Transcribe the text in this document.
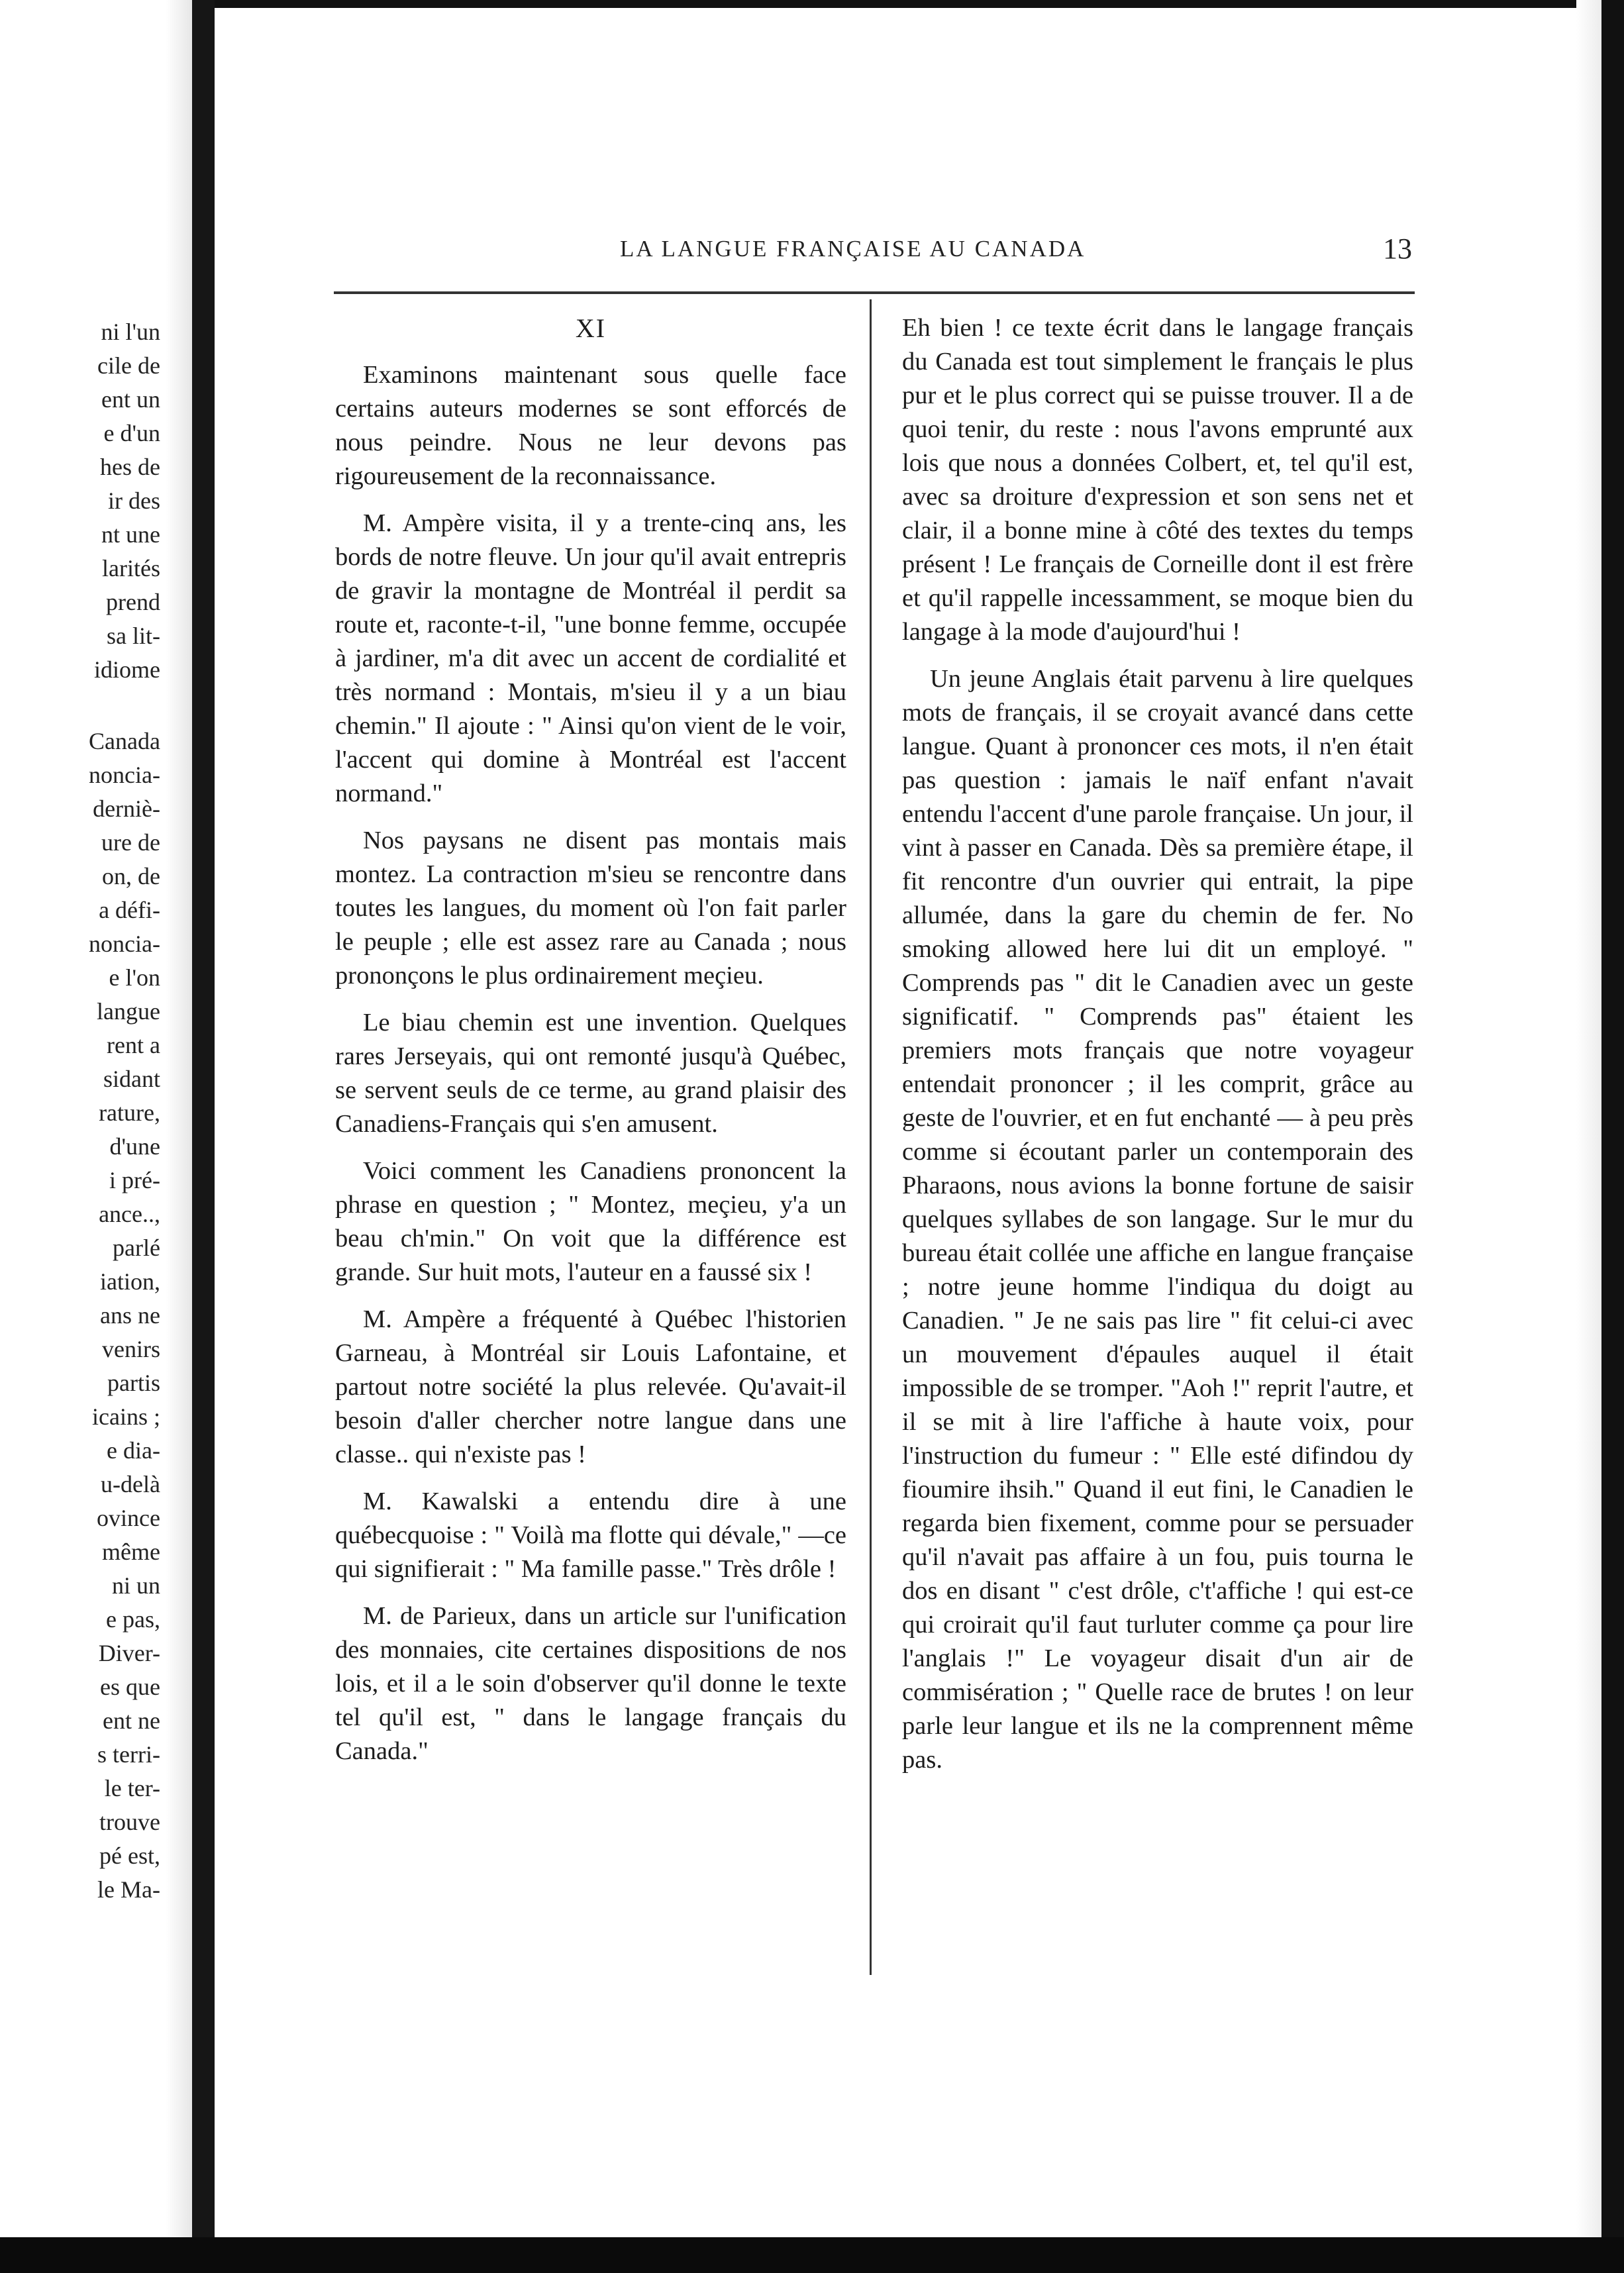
ni l'un
cile de
ent un
e d'un
hes de
ir des
nt une
larités
prend
sa lit-
idiome
Canada
noncia-
derniè-
ure de
on, de
a défi-
noncia-
e l'on
langue
rent a
sidant
rature,
d'une
i pré-
ance..,
parlé
iation,
ans ne
venirs
partis
icains ;
e dia-
u-delà
ovince
même
ni un
e pas,
Diver-
es que
ent ne
s terri-
le ter-
trouve
pé est,
le Ma-
LA LANGUE FRANÇAISE AU CANADA	13
XI

Examinons maintenant sous quelle face certains auteurs modernes se sont efforcés de nous peindre. Nous ne leur devons pas rigoureusement de la reconnaissance.

M. Ampère visita, il y a trente-cinq ans, les bords de notre fleuve. Un jour qu'il avait entrepris de gravir la montagne de Montréal il perdit sa route et, raconte-t-il, "une bonne femme, occupée à jardiner, m'a dit avec un accent de cordialité et très normand : Montais, m'sieu il y a un biau chemin." Il ajoute : " Ainsi qu'on vient de le voir, l'accent qui domine à Montréal est l'accent normand."

Nos paysans ne disent pas montais mais montez. La contraction m'sieu se rencontre dans toutes les langues, du moment où l'on fait parler le peuple ; elle est assez rare au Canada ; nous prononçons le plus ordinairement meçieu.

Le biau chemin est une invention. Quelques rares Jerseyais, qui ont remonté jusqu'à Québec, se servent seuls de ce terme, au grand plaisir des Canadiens-Français qui s'en amusent.

Voici comment les Canadiens prononcent la phrase en question ; " Montez, meçieu, y'a un beau ch'min." On voit que la différence est grande. Sur huit mots, l'auteur en a faussé six !

M. Ampère a fréquenté à Québec l'historien Garneau, à Montréal sir Louis Lafontaine, et partout notre société la plus relevée. Qu'avait-il besoin d'aller chercher notre langue dans une classe.. qui n'existe pas !

M. Kawalski a entendu dire à une québecquoise : " Voilà ma flotte qui dévale," —ce qui signifierait : " Ma famille passe." Très drôle !

M. de Parieux, dans un article sur l'unification des monnaies, cite certaines dispositions de nos lois, et il a le soin d'observer qu'il donne le texte tel qu'il est, " dans le langage français du Canada."

Eh bien ! ce texte écrit dans le langage français du Canada est tout simplement le français le plus pur et le plus correct qui se puisse trouver. Il a de quoi tenir, du reste : nous l'avons emprunté aux lois que nous a données Colbert, et, tel qu'il est, avec sa droiture d'expression et son sens net et clair, il a bonne mine à côté des textes du temps présent ! Le français de Corneille dont il est frère et qu'il rappelle incessamment, se moque bien du langage à la mode d'aujourd'hui !

Un jeune Anglais était parvenu à lire quelques mots de français, il se croyait avancé dans cette langue. Quant à prononcer ces mots, il n'en était pas question : jamais le naïf enfant n'avait entendu l'accent d'une parole française. Un jour, il vint à passer en Canada. Dès sa première étape, il fit rencontre d'un ouvrier qui entrait, la pipe allumée, dans la gare du chemin de fer. No smoking allowed here lui dit un employé. " Comprends pas " dit le Canadien avec un geste significatif. " Comprends pas" étaient les premiers mots français que notre voyageur entendait prononcer ; il les comprit, grâce au geste de l'ouvrier, et en fut enchanté — à peu près comme si écoutant parler un contemporain des Pharaons, nous avions la bonne fortune de saisir quelques syllabes de son langage. Sur le mur du bureau était collée une affiche en langue française ; notre jeune homme l'indiqua du doigt au Canadien. " Je ne sais pas lire " fit celui-ci avec un mouvement d'épaules auquel il était impossible de se tromper. "Aoh !" reprit l'autre, et il se mit à lire l'affiche à haute voix, pour l'instruction du fumeur : " Elle esté difindou dy fioumire ihsih." Quand il eut fini, le Canadien le regarda bien fixement, comme pour se persuader qu'il n'avait pas affaire à un fou, puis tourna le dos en disant " c'est drôle, c't'affiche ! qui est-ce qui croirait qu'il faut turluter comme ça pour lire l'anglais !" Le voyageur disait d'un air de commisération ; " Quelle race de brutes ! on leur parle leur langue et ils ne la comprennent même pas.
